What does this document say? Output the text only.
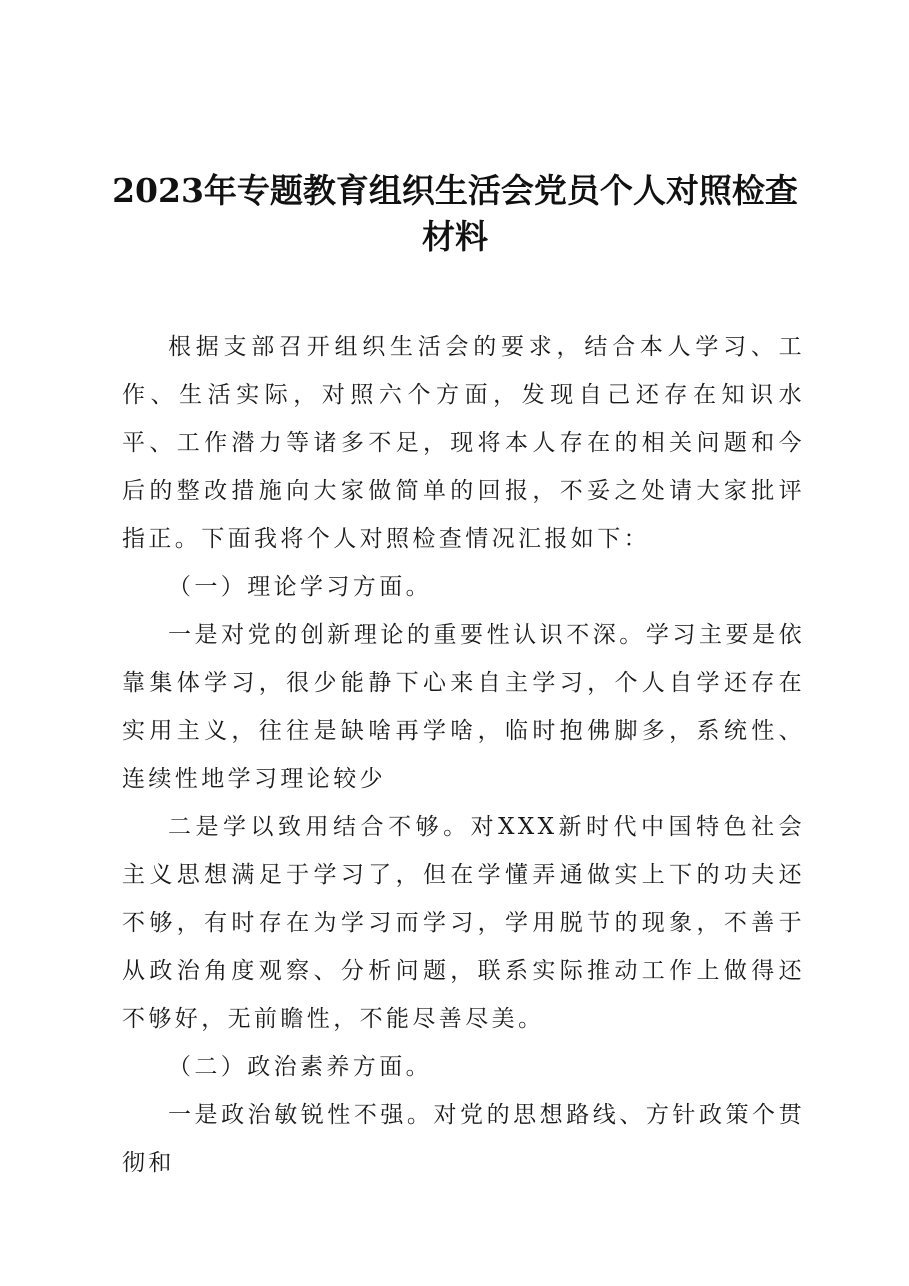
2023年专题教育组织生活会党员个人对照检查材料

根据支部召开组织生活会的要求，结合本人学习、工作、生活实际，对照六个方面，发现自己还存在知识水平、工作潜力等诸多不足，现将本人存在的相关问题和今后的整改措施向大家做简单的回报，不妥之处请大家批评指正。下面我将个人对照检查情况汇报如下：

（一）理论学习方面。

一是对党的创新理论的重要性认识不深。学习主要是依靠集体学习，很少能静下心来自主学习，个人自学还存在实用主义，往往是缺啥再学啥，临时抱佛脚多，系统性、连续性地学习理论较少

二是学以致用结合不够。对XXX新时代中国特色社会主义思想满足于学习了，但在学懂弄通做实上下的功夫还不够，有时存在为学习而学习，学用脱节的现象，不善于从政治角度观察、分析问题，联系实际推动工作上做得还不够好，无前瞻性，不能尽善尽美。

（二）政治素养方面。

一是政治敏锐性不强。对党的思想路线、方针政策个贯彻和
